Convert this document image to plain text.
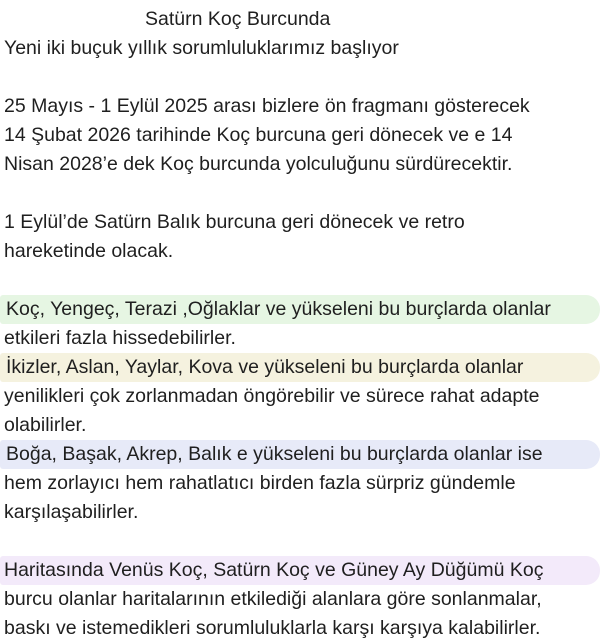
Satürn Koç Burcunda
Yeni iki buçuk yıllık sorumluluklarımız başlıyor
25 Mayıs - 1 Eylül 2025 arası bizlere ön fragmanı gösterecek
14 Şubat 2026 tarihinde Koç burcuna geri dönecek ve e 14
Nisan 2028’e dek Koç burcunda yolculuğunu sürdürecektir.
1 Eylül’de Satürn Balık burcuna geri dönecek ve retro
hareketinde olacak.
Koç, Yengeç, Terazi ,Oğlaklar ve yükseleni bu burçlarda olanlar
etkileri fazla hissedebilirler.
İkizler, Aslan, Yaylar, Kova ve yükseleni bu burçlarda olanlar
yenilikleri çok zorlanmadan öngörebilir ve sürece rahat adapte
olabilirler.
Boğa, Başak, Akrep, Balık e yükseleni bu burçlarda olanlar ise
hem zorlayıcı hem rahatlatıcı birden fazla sürpriz gündemle
karşılaşabilirler.
Haritasında Venüs Koç, Satürn Koç ve Güney Ay Düğümü Koç
burcu olanlar haritalarının etkilediği alanlara göre sonlanmalar,
baskı ve istemedikleri sorumluluklarla karşı karşıya kalabilirler.
